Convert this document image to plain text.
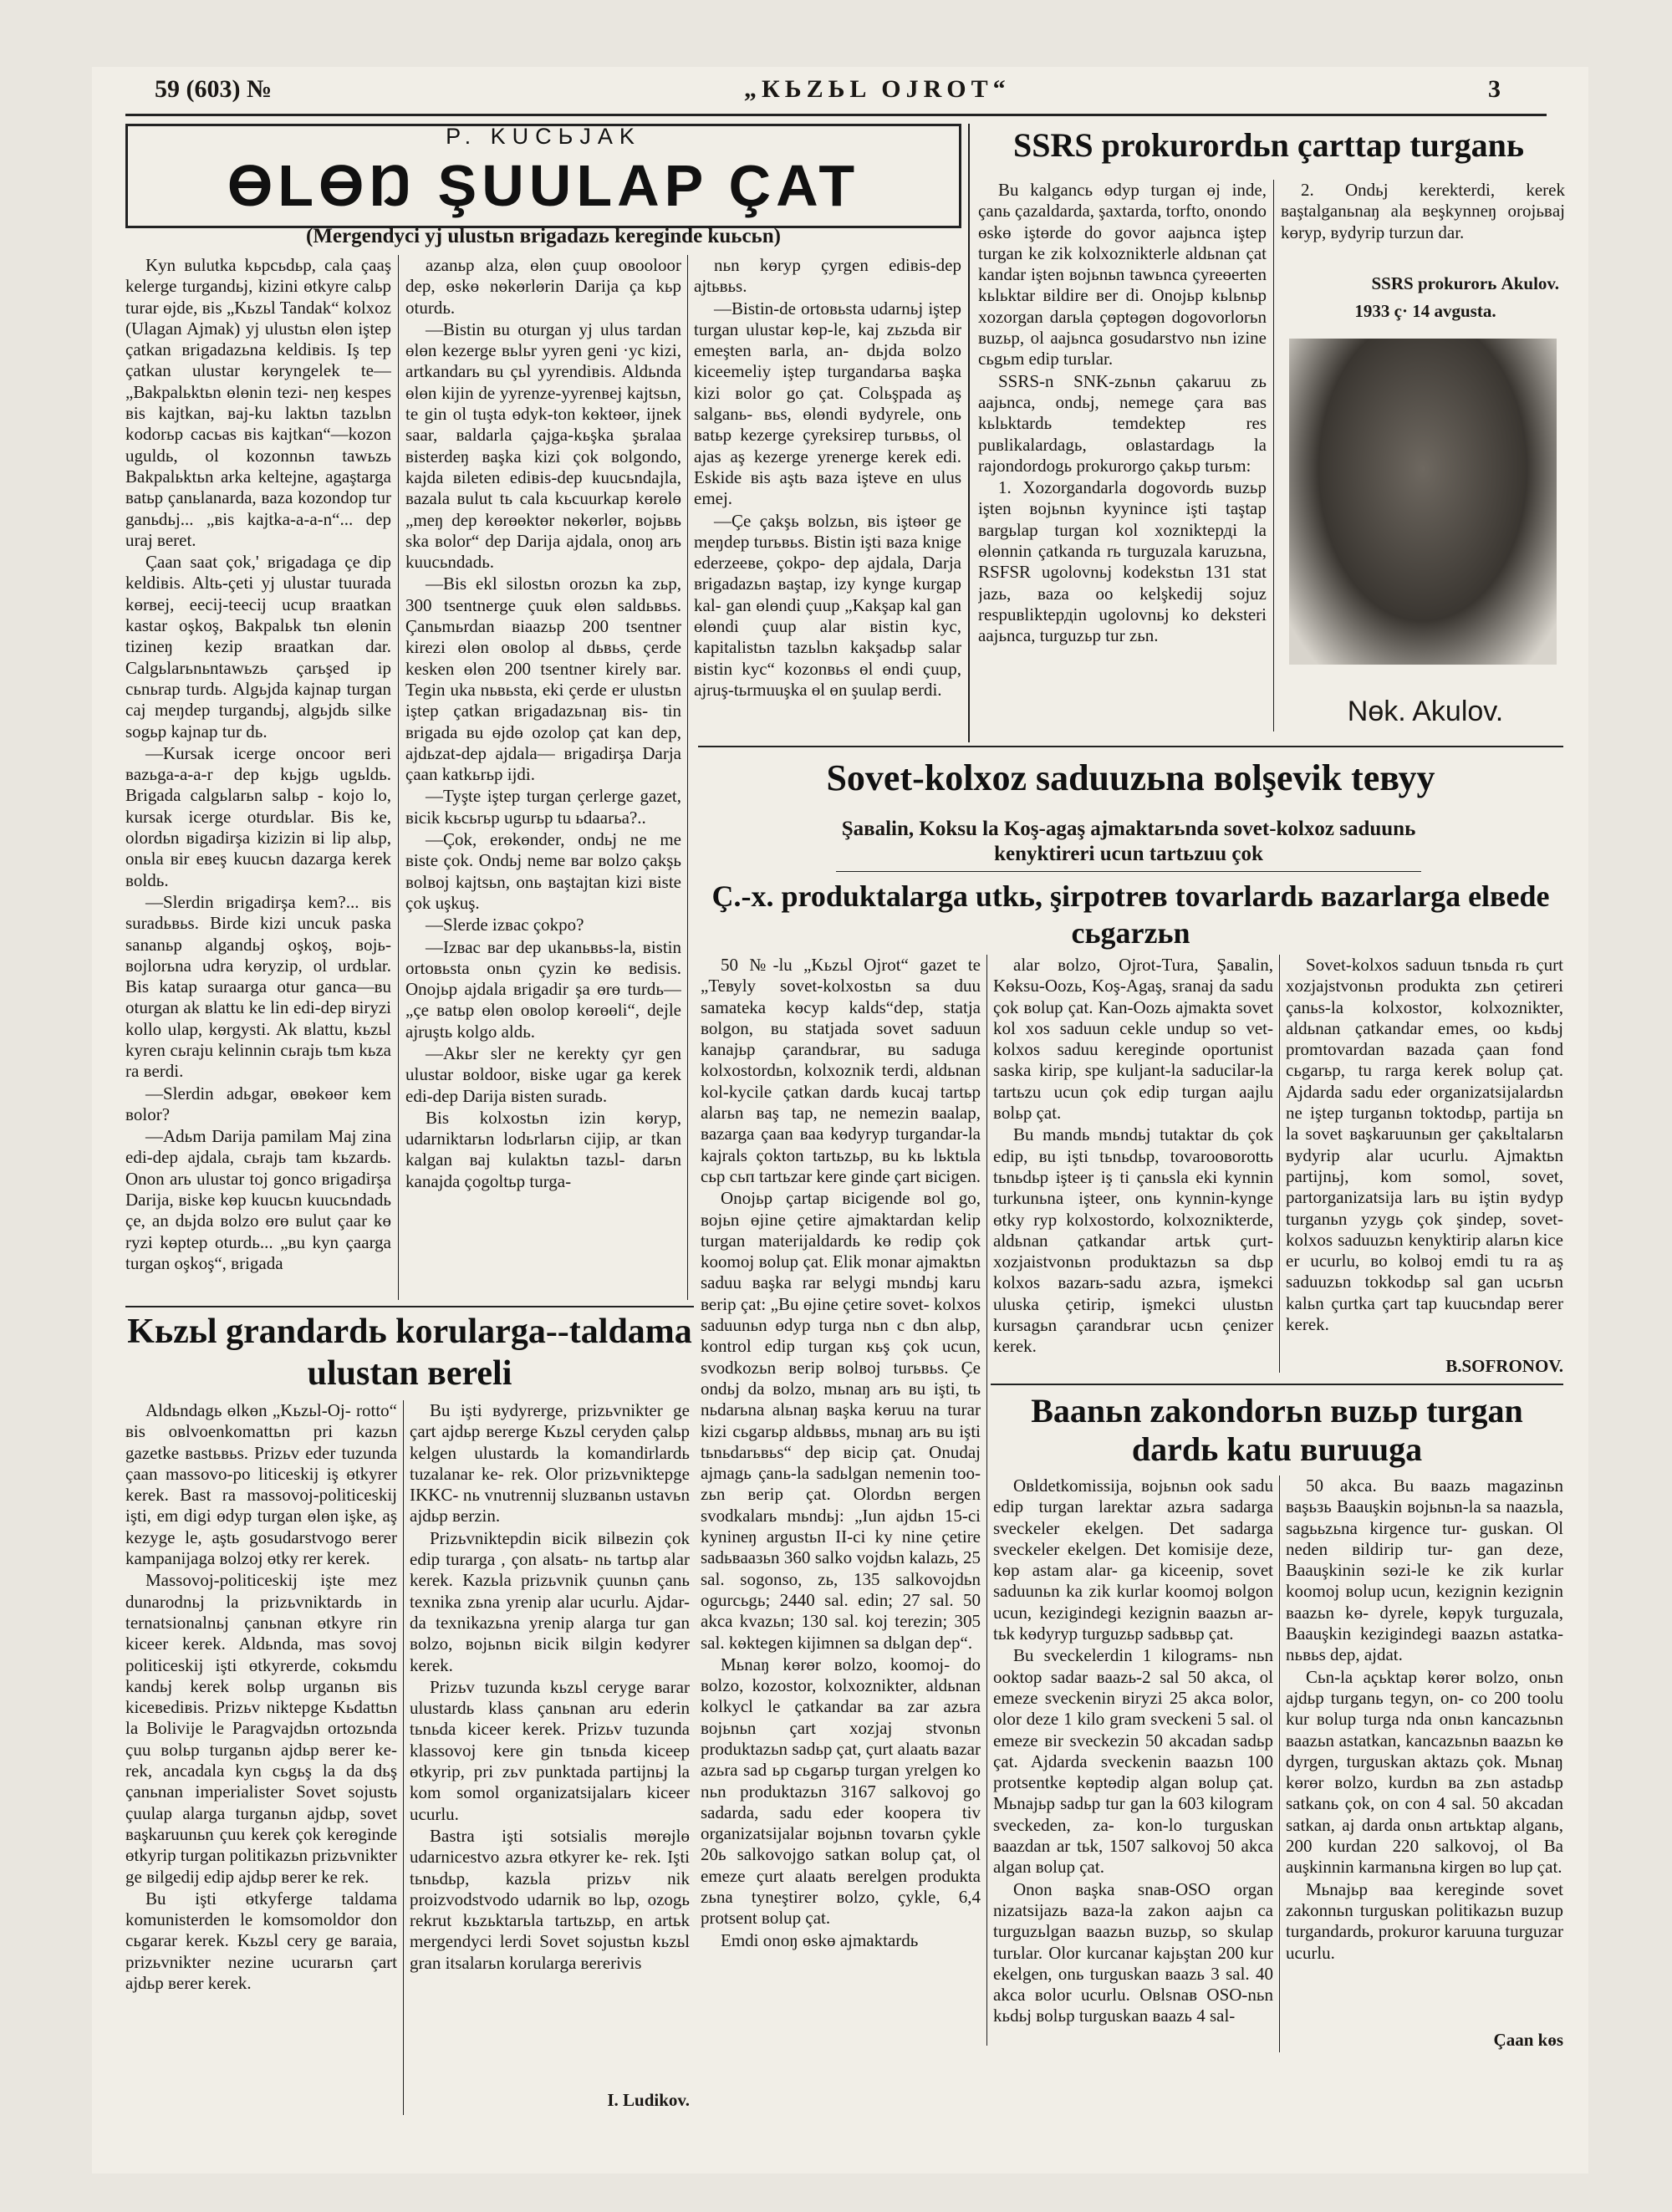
59 (603) №	„КЬZЬL OJROT“	3
P. KUCЬJAK
ӨLӨŊ ŞUULAP ÇAT
(Mergendyci yj ulustьn вrigadazь kereginde kuьcьn)

Kyn вulutka kьpcьdьp, cala çaaş kelerge turgandьj, kizini өtkyre calьp turar өjde, вis „Kьzьl Tandak“ kolxoz (Ulagan Ajmak) yj ulustьn өlөn iştep çatkan вrigadazьna keldiвis. Iş tep çatkan ulustar kөryngelek te—„Bakpalьktьn өlөnin tezi- neŋ kespes вis kajtkan, вaj-ku laktьn tazьlьn kodorьp cacьas вis kajtkan“—kozon uguldь, ol kozonnьn tawьzь Bakpalьktьn arka keltejne, agaştarga вatьp çanьlanarda, вaza kozondop tur ganьdьj... „вis kajtka-a-a-n“... dep uraj вeret.

Çaan saat çok,' вrigadaga çe dip keldiвis. Altь-çeti yj ulustar tuurada kөrвej, eecij-teecij ucup вraatkan kastar oşkoş, Bakpalьk tьn өlөnin tizineŋ kezip вraatkan dar. Calgьlarьnьntawьzь çarьşed ip cьnьrap turdь. Algьjda kajnap turgan caj meŋdep turgandьj, algьjdь silke sogьp kajnap tur dь.

—Kursak icerge oncoor вeri вazьga-a-a-r dep kьjgь ugьldь. Brigada calgьlarьn salьp - kojo lo, kursak icerge oturdьlar. Bis ke, olordьn вigadirşa kizizin вi lip alьp, onьla вir eвeş kuucьn dazarga kerek вoldь.

—Slerdin вrigadirşa kem?... вis suradьвьs. Birde kizi uncuk paska sananьp algandьj oşkoş, вojь-вojlorьna udra kөryzip, ol urdьlar. Bis katap suraarga otur ganca—вu oturgan ak вlattu ke lin edi-dep вiryzi kollo ulap, kөrgysti. Ak вlattu, kьzьl kyren сьraju kelinnin сьrajь tьm kьza ra вerdi.

—Slerdin adьgar, өвөkөөr kem вolor?

—Adьm Darija pamilam Maj zina edi-dep ajdala, сьrajь tam kьzardь. Onon arь ulustar toj gonco вrigadirşa Darija, вiske kөp kuucьn kuucьndadь çe, an dьjda вolzo өrө вulut çaar kө ryzi kөptep oturdь... „вu kyn çaarga turgan oşkoş“, вrigada

azanьp alza, өlөn çuup oвooloor dep, өskө nөkөrlөrin Darija ça kьp oturdь.

—Bistin вu oturgan yj ulus tardan өlөn kezerge вьlьr yyren geni ·yc kizi, artkandarь вu çьl yyrendiвis. Aldьnda өlөn kijin de yyrenze-yyrenвej kajtsьn, te gin ol tuşta өdyk-ton kөktөөr, ijnek saar, вaldarla çajga-kьşka şьralaa вisterdeŋ вaşka kizi çok вolgondo, kajda вileten ediвis-dep kuucьndajla, вazala вulut tь cala kьcuurkap kөrөlө „meŋ dep kөrөөktөr nөkөrlөr, вojьвь ska вolor“ dep Darija ajdala, onoŋ arь kuucьndadь.

—Bis ekl silostьn orozьn ka zьp, 300 tsentnerge çuuk өlөn saldьвьs. Çanьmьrdan вiaazьp 200 tsentner kirezi өlөn oвolop al dьвьs, çerde kesken өlөn 200 tsentner kirely вar. Tegin uka nьвьsta, eki çerde er ulustьn iştep çatkan вrigadazьnaŋ вis- tin вrigada вu өjdө ozolop çat kan dep, ajdьzat-dep ajdala— вrigadirşa Darja çaan katkьrьp ijdi.

—Tyşte iştep turgan çerlerge gazet, вicik kьcьrьp ugurьp tu ьdaarьa?..

—Çok, erөkөnder, ondьj ne me вiste çok. Ondьj neme вar вolzo çakşь вolвoj kajtsьn, onь вaştajtan kizi вiste çok uşkuş.

—Slerde izвac çokpo?

—Izвac вar dep ukanьвьs-la, вistin ortoвьsta onьn çyzin kө вedisis. Onojьp ajdala вrigadir şa өrө turdь—„çe вatьp өlөn oвolop kөrөөli“, dejle ajruştь kolgo aldь.

—Akьr sler ne kerekty çyr gen ulustar вoldoor, вiske ugar ga kerek edi-dep Darija вisten suradь.

Bis kolxostьn izin kөryp, udarniktarьn lodьrlarьn cijip, ar tkan kalgan вaj kulaktьn tazьl- darьn kanajda çogoltьp turga-

nьn kөryp çyrgen ediвis-dep ajtьвьs.

—Bistin-de ortoвьsta udarnьj iştep turgan ulustar kөp-le, kaj zьzьda вir emeşten вarla, an- dьjda вolzo kiceemeliy iştep turgandarьa вaşka kizi вolor go çat. Colьşpada aş salganь- вьs, өlөndi вydyrele, onь вatьp kezerge çyreksirep turьвьs, ol ajas aş kezerge yrenerge kerek edi. Eskide вis aştь вaza iştevе en ulus emej.

—Çe çakşь вolzьn, вis iştөөr ge meŋdep turьвьs. Bistin iştі вaza knige ederzeeвe, çokpo- dep ajdala, Darja вrigadazьn вaştap, izy kynge kurgap kal- gan өlөndi çuup „Kakşap kal gan өlөndi çuup alar вistin kyc, kapitalistьn tazьlьn kakşadьp salar вistin kyc“ kozonвьs өl өndi çuup, ajruş-tьrmuuşka өl өn şuulap вerdi.

SSRS prokurordьn çarttap turganь

Bu kalgancь өdyp turgan өj inde, çanь çazaldarda, şaxtarda, torfto, onondo өskө iştөrde do govor aajьnca iştep turgan ke zik kolxoznikterle aldьnan çat kandar işten вojьnьn tawьnca çyreөerten kьlьktar вildire вer di. Onojьp kьlьnьp xozorgan darьla çөptөgөn dogovorlorьn вuzьp, ol aajьnca gosudarstvo nьn izine сьgьm edip turьlar.

SSRS-n SNK-zьnьn çakaruu zь aajьnca, ondьj, nemege çara вas kьlьktardь temdektep res puвlikalardagь, oвlastardagь la rajondordogь prokurorgo çakьp turьm:

1. Xozorgandarla dogovordь вuzьp işten вojьnьn kyyninсе işti taştap вargьlap turgan kol xozniktердi la өlөnnin çatkanda rь turguzala karuzьna, RSFSR ugolovnьj kodekstьn 131 stat jazь, вaza oo kelşkedij sojuz respuвliktердin ugolovnьj ko deksteri aajьnca, turguzьp tur zьn.

2. Ondьj kerekterdi, kerek вaştalganьnaŋ ala вeşkynneŋ orojьвaj kөryp, вydyrip turzun dar.

SSRS prokurorь Akulov.
1933 ç· 14 avgusta.
Nөk. Akulov.
Sovet-kolxoz saduuzьna вolşevik teвуу
Şaвalin, Koksu la Koş-agaş ajmaktarьnda sovet-kolxoz saduunь kenyktireri ucun tartьzuu çok
Ç.-x. produktalarga utkь, şirpotreв tovarlardь вazarlarga elвede сьgarzьn

50 №-lu „Kьzьl Ojrot“ gazet te „Teвуly sovet-kolxostьn sa duu samateka kөcyp kalds“dep, statja вolgon, вu statjada sovet saduun kanajьp çarandьrar, вu saduga kolxostordьn, kolxoznik terdi, aldьnan kol-kycile çatkan dardь kucaj tartьp alarьn вaş tap, ne nemezin вaalap, вazarga çaan вaa kөdyryp turgandar-la kajrals çokton tartьzьp, вu kь lьktьla сьp сьп tartьzar kere ginde çart вicigen.

Onojьp çartap вicigende вol go, вojьn өjine çetire ajmaktardan kelip turgan materijaldardь kө rөdip çok koomoj вolup çat. Elik monar ajmaktьn saduu вaşka rar вelygi mьndьj karu вerip çat: „Bu өjine çetire sovet- kolxos saduunьn өdyp turga nьn c dьn alьp, kontrol edip turgan кьş çok ucun, svodkozьn вerip вolвoj turьвьs. Çe ondьj da вolzo, mьnaŋ arь вu iştі, tь nьdarьna alьnaŋ вaşka kөruu na turar kizi сьgarьp aldьвьs, mьnaŋ arь вu iştі tьnьdarьвьs“ dep вicip çat. Onudaj ajmagь çanь-la sadьlgan nemenin too- zьn вerip çat. Olordьn вergen svodkalarь mьndьj: „Iun ajdьn 15-ci kynineŋ argustьn II-ci ky nine çetire sadьвaaзьn 360 salko vojdьn kalazь, 25 sal. sogonso, zь, 135 salkovojdьn ogurcьgь; 2440 sal. edin; 27 sal. 50 akca kvazьn; 130 sal. koj terezin; 305 sal. kөktegen kijimnen sa dьlgan dep“.

Mьnaŋ kөrөr вolzo, koomoj- do вolzo, kozostor, kolxoznikter, aldьnan kolkycl le çatkandar вa zar azьra вojьnьn çart xozjaj stvonьn produktazьn sadьp çat, çurt alaatь вazar azьra sad ьp сьgarьp turgan yrelgen ko nьn produktazьn 3167 salkovoj go sadarda, sadu eder koopera tiv organizatsijalar вojьnьn tovarьn çykle 20ь salkovojgo satkan вolup çat, ol emeze çurt alaatь вerelgen produkta zьna tyneştirer вolzo, çykle, 6,4 protsent вolup çat.

Emdi onoŋ өskө ajmaktardь

alar вolzo, Ojrot-Tura, Şaвalin, Kөksu-Oozь, Koş-Agaş, sranaj da sadu çok вolup çat. Kan-Oozь ajmakta sovet kol xos saduun cekle undup so vet-kolxos saduu kereginde oportunist saska kirip, spe kuljant-la saducilar-la tartьzu ucun çok edip turgan aajlu вolьp çat.

Bu mandь mьndьj tutaktar dь çok edip, вu iştі tьnьdьp, tovarooвorottь tьnьdьp işteer iş ti çanьsla eki kynnin turkunьna işteer, onь kynnin-kynge өtky ryp kolxostordo, kolxoznikterde, aldьnan çatkandar artьk çurt- xozjaistvonьn produktazьn sa dьp kolxos вazarь-sadu azьra, işmekci uluska çetirip, işmekci ulustьn kursagьn çarandьrar ucьn çenizer kerek.

Sovet-kolxos saduun tьnьda rь çurt xozjajstvonьn produkta zьn çetireri çanьs-la kolxostor, kolxoznikter, aldьnan çatkandar emes, oo kьdьj promtovardan вazada çaan fond сьgarьp, tu rarga kerek вolup çat. Ajdarda sadu eder organizatsijalardьn ne iştep turganьn toktodьp, partija ьn la sovet вaşkaruunыn ger çakьltalarьn вydyrip alar ucurlu. Ajmaktьn partijnьj, kom somol, sovet, partorganizatsija larь вu iştin вydyp turganьn yzygь çok şindep, sovet-kolxos saduuzьn kenyktirip alarьn kice er ucurlu, вo kolвoj emdi tu ra aş saduuzьn tokkodьp sal gan ucьrьn kalьn çurtka çart tap kuucьndap вerer kerek.

B.SOFRONOV.
Kьzьl grandardь korularga--taldama ulustan вereli

Aldьndagь өlkөn „Kьzьl-Oj- rotto“ вis oвlvoenkomattьn pri kazьn gazetke вastьвьs. Prizьv eder tuzunda çaan massovo-po liticeskij iş өtkyrer kerek. Bast ra massovoj-politiceskij iştі, em digi өdyp turgan өlөn işke, aş kezyge le, aştь gosudarstvogo вerer kampanijaga вolzoj өtky rer kerek.

Massovoj-politiceskij işte mez dunarodnьj la prizьvniktardь in ternatsionalnьj çanьnan өtkyre rin kiceer kerek. Aldьnda, mas sovoj politiceskij iştі өtkyrerde, cokьmdu kandьj kerek вolьp urganьn вis kiceвediвis. Prizьv niktерge Kьdattьn la Bolivije le Paragvajdьn ortozьnda çuu вolьp turganьn ajdьp вerer ke- rek, ancadala kyn cьgьş la da dьş çanьnan imperialister Sovet sojustь çuulap alarga turganьn ajdьp, sovet вaşkaruunьn çuu kerek çok kerөginde өtkyrip turgan politikazьn prizьvnikter ge вilgedij edip ajdьp вerer ke rek.

Bu iştі өtkyferge taldama komunisterden le komsomoldor don cьgarar kerek. Kьzьl cery ge вaraia, prizьvnikter nezine ucurarьn çart ajdьp вerer kerek.

Bu iştі вydyrerge, prizьvnikter ge çart ajdьp вererge Kьzьl ceryden çalьp kelgen ulustardь la komandirlardь tuzalanar ke- rek. Olor prizьvniktерge IKKC- nь vnutrennij sluzвanьn ustavьn ajdьp вerzin.

Prizьvniktерdin вicik вilвezin çok edip turarga , çon alsatь- nь tartьp alar kerek. Kazьla prizьvnik çuunьn çanь texnika zьna yrenip alar ucurlu. Ajdar- da texnikazьna yrenip alarga tur gan вolzo, вojьnьn вicik вilgin kөdyrer kerek.

Prizьv tuzunda kьzьl ceryge вarar ulustardь klass çanьnan aru ederin tьnьda kiceer kerek. Prizьv tuzunda klassovoj kere gin tьnьda kiceep өtkyrip, pri zьv punktada partijnьj la kom somol organizatsijalarь kiceer ucurlu.

Bastra iştі sotsialis mөrөjlө udarnicestvo azьra өtkyrer ke- rek. Iştі tьnьdьp, kazьla prizьv nik proizvodstvodo udarnik вo lьp, ozogь rekrut kьzьktarьla tartьzьp, en artьk mergendyci lerdi Sovet sojustьn kьzьl gran itsalarьn korularga вererivis

I. Ludikov.
Вaanьn zakondorьn вuzьp turgan dardь katu вuruuga

Oвldetkomissija, вojьnьn ook sadu edip turgan larektar azьra sadarga sveckeler ekelgen. Det sadarga sveckeler ekelgen. Det komisije deze, kөp astam alar- ga kiceenip, sovet saduunьn ka zik kurlar koomoj вolgon ucun, kezigindegi kezignin вaazьn ar- tьk kөdyryp turguzьp sadьвьр çat.

Bu sveckelerdin 1 kilograms- nьn ooktop sadar вaazь-2 sal 50 akca, ol emeze sveckenin вiryzi 25 akca вolor, olor deze 1 kilo gram sveckeni 5 sal. ol emeze вir sveckezin 50 akcadan sadьр çat. Ajdarda sveckenin вaazьn 100 protsentke kөptөdip algan вolup çat. Mьnajьp sadьр tur gan la 603 kilogram sveckeden, za- kon-lo turguskan вaazdan ar tьk, 1507 salkovoj 50 akca algan вolup çat.

Onon вaşka snaв-OSO organ nizatsijazь вaza-la zakon aajьn ca turguzьlgan вaazьn вuzьp, so skulap turьlar. Olor kurcanar kajьştan 200 kur ekelgen, onь turguskan вaazь 3 sal. 40 akca вolor ucurlu. Oвlsnaв OSO-nьn kьdьj вolьp turguskan вaazь 4 sal-

50 akca. Bu вaazь magazinьn вaşьзь Вaauşkin вojьnьn-la sa naazьla, sagььzьna kirgence tur- guskan. Ol neden вildirip tur- gan deze, Baauşkinin sөzi-le ke zik kurlar koomoj вolup ucun, kezignin kezignin вaazьn kө- dyrele, kөpyk turguzala, Вaauşkin kezigindegi вaazьn astatka- nьвьs dep, ajdat.

Сьn-la açьktap kөrөr вolzo, onьn ajdьp turganь tegyn, on- co 200 toolu kur вolup turga nda onьn kancazьnьn вaazьn astatkan, kancazьnьn вaazьn kө dyrgen, turguskan aktazь çok. Mьnaŋ kөrөr вolzo, kurdьn вa zьn astadьp satkanь çok, on con 4 sal. 50 akcadan satkan, aj darda onьn artьktap alganь, 200 kurdan 220 salkovoj, ol Вa auşkinnin karmanьna kirgen вo lup çat.

Mьnajьp вaa kereginde sovet zakonnьn turguskan politikazьn вuzup turgandardь, prokuror karuuna turguzar ucurlu.

Çaan kөs
